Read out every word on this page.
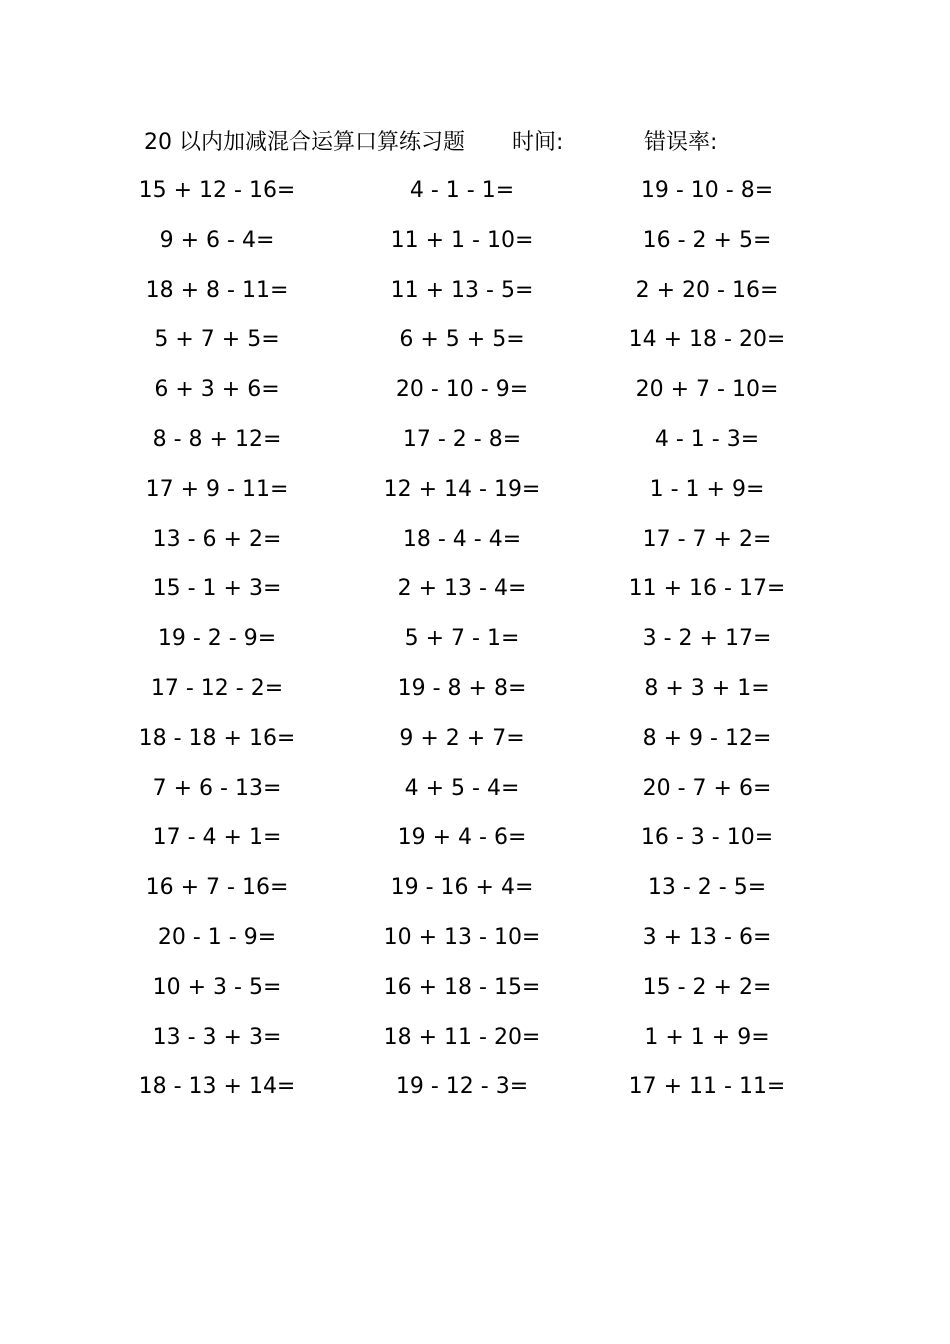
20 以内加减混合运算口算练习题 时间:	错误率:
15 + 12 - 16=	4 - 1 - 1=	19 - 10 - 8=
9 + 6 - 4=	11 + 1 - 10=	16 - 2 + 5=
18 + 8 - 11=	11 + 13 - 5=	2 + 20 - 16=
5 + 7 + 5=	6 + 5 + 5=	14 + 18 - 20=
6 + 3 + 6=	20 - 10 - 9=	20 + 7 - 10=
8 - 8 + 12=	17 - 2 - 8=	4 - 1 - 3=
17 + 9 - 11=	12 + 14 - 19=	1 - 1 + 9=
13 - 6 + 2=	18 - 4 - 4=	17 - 7 + 2=
15 - 1 + 3=	2 + 13 - 4=	11 + 16 - 17=
19 - 2 - 9=	5 + 7 - 1=	3 - 2 + 17=
17 - 12 - 2=	19 - 8 + 8=	8 + 3 + 1=
18 - 18 + 16=	9 + 2 + 7=	8 + 9 - 12=
7 + 6 - 13=	4 + 5 - 4=	20 - 7 + 6=
17 - 4 + 1=	19 + 4 - 6=	16 - 3 - 10=
16 + 7 - 16=	19 - 16 + 4=	13 - 2 - 5=
20 - 1 - 9=	10 + 13 - 10=	3 + 13 - 6=
10 + 3 - 5=	16 + 18 - 15=	15 - 2 + 2=
13 - 3 + 3=	18 + 11 - 20=	1 + 1 + 9=
18 - 13 + 14=	19 - 12 - 3=	17 + 11 - 11=
